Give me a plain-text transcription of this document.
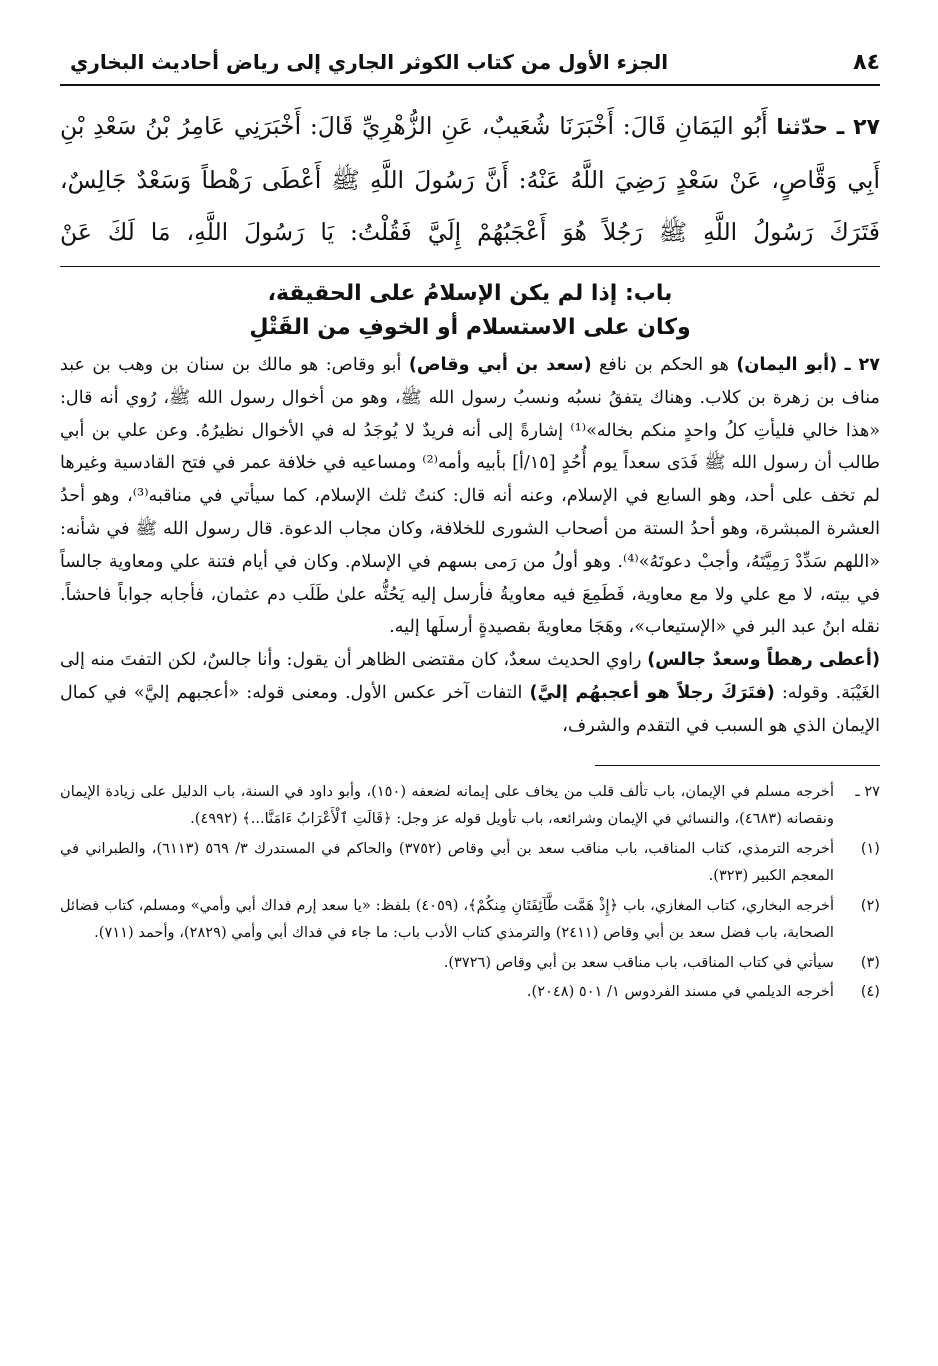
٨٤
الجزء الأول من كتاب الكوثر الجاري إلى رياض أحاديث البخاري
٢٧ ـ حدّثنا أَبُو اليَمَانِ قَالَ: أَخْبَرَنَا شُعَيبٌ، عَنِ الزُّهْرِيِّ قَالَ: أَخْبَرَنِي عَامِرُ بْنُ سَعْدِ بْنِ أَبِي وَقَّاصٍ، عَنْ سَعْدٍ رَضِيَ اللَّهُ عَنْهُ: أَنَّ رَسُولَ اللَّهِ ﷺ أَعْطَى رَهْطاً وَسَعْدٌ جَالِسٌ، فَتَرَكَ رَسُولُ اللَّهِ ﷺ رَجُلاً هُوَ أَعْجَبُهُمْ إِلَيَّ فَقُلْتُ: يَا رَسُولَ اللَّهِ، مَا لَكَ عَنْ
باب: إذا لم يكن الإسلامُ على الحقيقة،
وكان على الاستسلام أو الخوفِ من القَتْلِ

٢٧ ـ (أبو اليمان) هو الحكم بن نافع (سعد بن أبي وقاص) أبو وقاص: هو مالك بن سنان بن وهب بن عبد مناف بن زهرة بن كلاب. وهناك يتفقُ نسبُه ونسبُ رسول الله ﷺ، وهو من أخوال رسول الله ﷺ، رُوي أنه قال: «هذا خالي فليأتِ كلُ واحدٍ منكم بخاله»⁽¹⁾ إشارةً إلى أنه فريدٌ لا يُوجَدُ له في الأخوال نظيرُهُ. وعن علي بن أبي طالب أن رسول الله ﷺ فَدَى سعداً يوم أُحُدٍ [١٥/أ] بأبيه وأمه⁽²⁾ ومساعيه في خلافة عمر في فتح القادسية وغيرها لم تخف على أحد، وهو السابع في الإسلام، وعنه أنه قال: كنتُ ثلث الإسلام، كما سيأتي في مناقبه⁽³⁾، وهو أحدُ العشرة المبشرة، وهو أحدُ الستة من أصحاب الشورى للخلافة، وكان مجاب الدعوة. قال رسول الله ﷺ في شأنه: «اللهم سَدِّدْ رَمِيَّتَهُ، وأجبْ دعوتَهُ»⁽⁴⁾. وهو أولُ من رَمى بسهم في الإسلام. وكان في أيام فتنة علي ومعاوية جالساً في بيته، لا مع علي ولا مع معاوية، فَطَمِعَ فيه معاويةُ فأرسل إليه يَحُثُّه علىٰ طَلَب دم عثمان، فأجابه جواباً فاحشاً. نقله ابنُ عبد البر في «الإستيعاب»، وهَجَا معاويةَ بقصيدةٍ أرسلَها إليه.

(أعطى رهطاً وسعدٌ جالس) راوي الحديث سعدٌ، كان مقتضى الظاهر أن يقول: وأنا جالسٌ، لكن التفتَ منه إلى الغَيْبَة. وقوله: (فتَرَكَ رجلاً هو أعجبهُم إليَّ) التفات آخر عكس الأول. ومعنى قوله: «أعجبهم إليَّ» في كمال الإيمان الذي هو السبب في التقدم والشرف،

٢٧ ـ
أخرجه مسلم في الإيمان، باب تألف قلب من يخاف على إيمانه لضعفه (١٥٠)، وأبو داود في السنة، باب الدليل على زيادة الإيمان ونقصانه (٤٦٨٣)، والنسائي في الإيمان وشرائعه، باب تأويل قوله عز وجل: ﴿قَالَتِ ٱلْأَعْرَابُ ءَامَنَّا...﴾ (٤٩٩٢).
(١)
أخرجه الترمذي، كتاب المناقب، باب مناقب سعد بن أبي وقاص (٣٧٥٢) والحاكم في المستدرك ٣/ ٥٦٩ (٦١١٣)، والطبراني في المعجم الكبير (٣٢٣).
(٢)
أخرجه البخاري، كتاب المغازي، باب ﴿إِذْ هَمَّت طَّآئِفَتَانِ مِنكُمْ﴾، (٤٠٥٩) بلفظ: «يا سعد إرم فداك أبي وأمي» ومسلم، كتاب فضائل الصحابة، باب فضل سعد بن أبي وقاص (٢٤١١) والترمذي كتاب الأدب باب: ما جاء في فداك أبي وأمي (٢٨٢٩)، وأحمد (٧١١).
(٣)
سيأتي في كتاب المناقب، باب مناقب سعد بن أبي وقاص (٣٧٢٦).
(٤)
أخرجه الديلمي في مسند الفردوس ١/ ٥٠١ (٢٠٤٨).
